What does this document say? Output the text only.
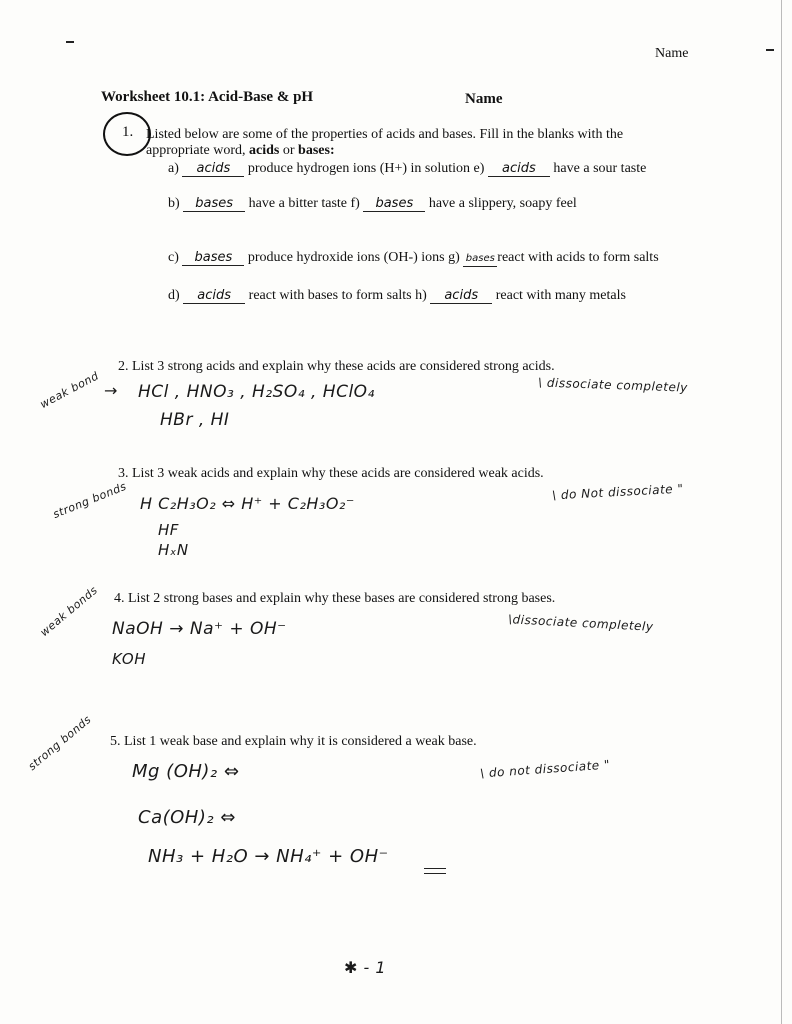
Name
Worksheet 10.1: Acid-Base & pH	Name
1. Listed below are some of the properties of acids and bases. Fill in the blanks with the
appropriate word, acids or bases:
a) acids produce hydrogen ions (H+) in solution e) acids have a sour taste
b) bases have a bitter taste f) bases have a slippery, soapy feel
c) bases produce hydroxide ions (OH-) ions g) bases react with acids to form salts
d) acids react with bases to form salts h) acids react with many metals
2. List 3 strong acids and explain why these acids are considered strong acids.
weak bond → HCl , HNO₃ , H₂SO₄ , HClO₄
HBr , HI
\ dissociate completely
3. List 3 weak acids and explain why these acids are considered weak acids.
strong bonds H C₂H₃O₂ ⇔ H⁺ + C₂H₃O₂⁻
HF
HₓN
\ do Not dissociate "
4. List 2 strong bases and explain why these bases are considered strong bases.
weak bonds NaOH → Na⁺ + OH⁻
KOH
\dissociate completely
5. List 1 weak base and explain why it is considered a weak base.
strong bonds Mg (OH)₂ ⇔
Ca(OH)₂ ⇔
NH₃ + H₂O → NH₄⁺ + OH⁻
\ do not dissociate "
✱ - 1
